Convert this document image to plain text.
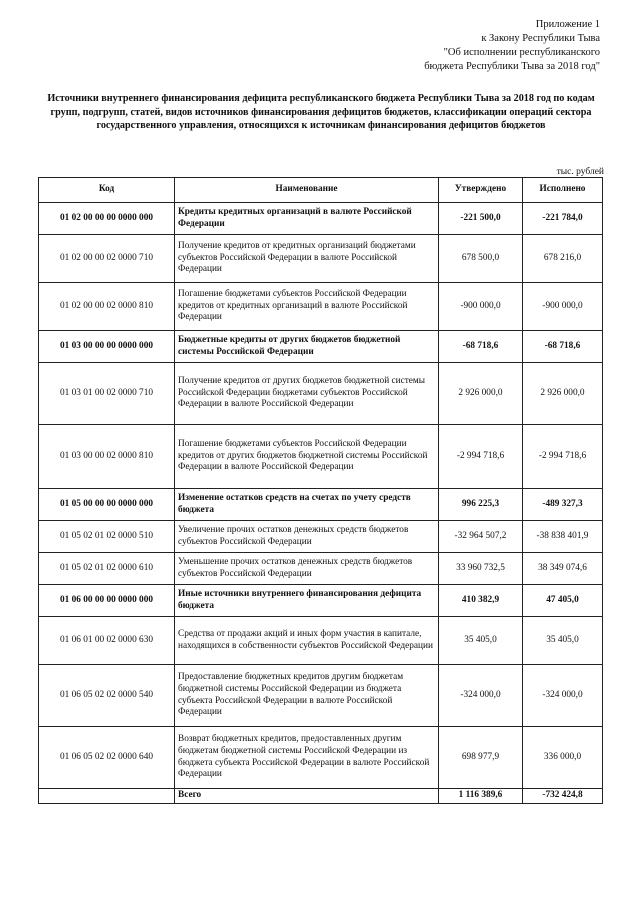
Приложение 1
к Закону Республики Тыва
"Об исполнении республиканского
бюджета Республики Тыва за 2018 год"
Источники внутреннего финансирования дефицита республиканского бюджета Республики Тыва за 2018 год по кодам групп, подгрупп, статей, видов источников финансирования дефицитов бюджетов, классификации операций сектора государственного управления, относящихся к источникам финансирования дефицитов бюджетов
тыс. рублей
Код	Наименование	Утверждено	Исполнено
01 02 00 00 00 0000 000	Кредиты кредитных организаций в валюте Российской Федерации	-221 500,0	-221 784,0
01 02 00 00 02 0000 710	Получение кредитов от кредитных организаций бюджетами субъектов Российской Федерации в валюте Российской Федерации	678 500,0	678 216,0
01 02 00 00 02 0000 810	Погашение бюджетами субъектов Российской Федерации кредитов от кредитных организаций в валюте Российской Федерации	-900 000,0	-900 000,0
01 03 00 00 00 0000 000	Бюджетные кредиты от других бюджетов бюджетной системы Российской Федерации	-68 718,6	-68 718,6
01 03 01 00 02 0000 710	Получение кредитов от других бюджетов бюджетной системы Российской Федерации бюджетами субъектов Российской Федерации в валюте Российской Федерации	2 926 000,0	2 926 000,0
01 03 00 00 02 0000 810	Погашение бюджетами субъектов Российской Федерации кредитов от других бюджетов бюджетной системы Российской Федерации в валюте Российской Федерации	-2 994 718,6	-2 994 718,6
01 05 00 00 00 0000 000	Изменение остатков средств на счетах по учету средств бюджета	996 225,3	-489 327,3
01 05 02 01 02 0000 510	Увеличение прочих остатков денежных средств бюджетов субъектов Российской Федерации	-32 964 507,2	-38 838 401,9
01 05 02 01 02 0000 610	Уменьшение прочих остатков денежных средств бюджетов субъектов Российской Федерации	33 960 732,5	38 349 074,6
01 06 00 00 00 0000 000	Иные источники внутреннего финансирования дефицита бюджета	410 382,9	47 405,0
01 06 01 00 02 0000 630	Средства от продажи акций и иных форм участия в капитале, находящихся в собственности субъектов Российской Федерации	35 405,0	35 405,0
01 06 05 02 02 0000 540	Предоставление бюджетных кредитов другим бюджетам бюджетной системы Российской Федерации из бюджета субъекта Российской Федерации в валюте Российской Федерации	-324 000,0	-324 000,0
01 06 05 02 02 0000 640	Возврат бюджетных кредитов, предоставленных другим бюджетам бюджетной системы Российской Федерации из бюджета субъекта Российской Федерации в валюте Российской Федерации	698 977,9	336 000,0
	Всего	1 116 389,6	-732 424,8
